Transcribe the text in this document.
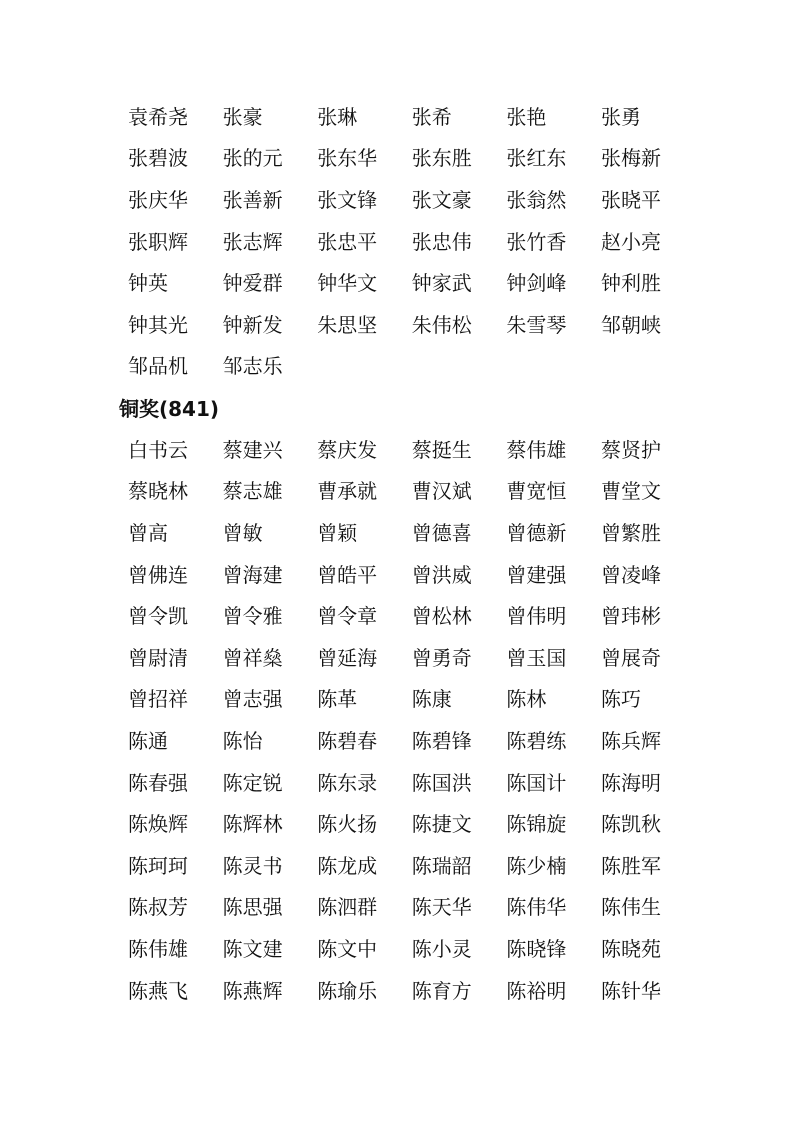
袁希尧	张豪	张琳	张希	张艳	张勇
张碧波	张的元	张东华	张东胜	张红东	张梅新
张庆华	张善新	张文锋	张文豪	张翁然	张晓平
张职辉	张志辉	张忠平	张忠伟	张竹香	赵小亮
钟英	钟爱群	钟华文	钟家武	钟剑峰	钟利胜
钟其光	钟新发	朱思坚	朱伟松	朱雪琴	邹朝峡
邹品机	邹志乐
铜奖(841)
白书云	蔡建兴	蔡庆发	蔡挺生	蔡伟雄	蔡贤护
蔡晓林	蔡志雄	曹承就	曹汉斌	曹宽恒	曹堂文
曾高	曾敏	曾颖	曾德喜	曾德新	曾繁胜
曾佛连	曾海建	曾皓平	曾洪威	曾建强	曾凌峰
曾令凯	曾令雅	曾令章	曾松林	曾伟明	曾玮彬
曾尉清	曾祥燊	曾延海	曾勇奇	曾玉国	曾展奇
曾招祥	曾志强	陈革	陈康	陈林	陈巧
陈通	陈怡	陈碧春	陈碧锋	陈碧练	陈兵辉
陈春强	陈定锐	陈东录	陈国洪	陈国计	陈海明
陈焕辉	陈辉林	陈火扬	陈捷文	陈锦旋	陈凯秋
陈珂珂	陈灵书	陈龙成	陈瑞韶	陈少楠	陈胜军
陈叔芳	陈思强	陈泗群	陈天华	陈伟华	陈伟生
陈伟雄	陈文建	陈文中	陈小灵	陈晓锋	陈晓苑
陈燕飞	陈燕辉	陈瑜乐	陈育方	陈裕明	陈针华
